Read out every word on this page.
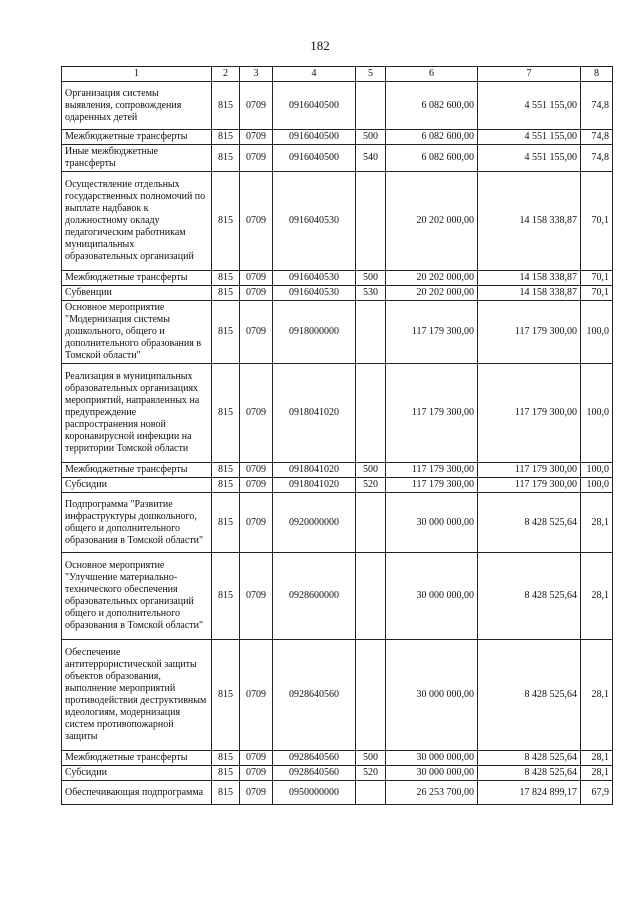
182
1	2	3	4	5	6	7	8
Организация системы выявления, сопровождения одаренных детей	815	0709	0916040500		6 082 600,00	4 551 155,00	74,8
Межбюджетные трансферты	815	0709	0916040500	500	6 082 600,00	4 551 155,00	74,8
Иные межбюджетные трансферты	815	0709	0916040500	540	6 082 600,00	4 551 155,00	74,8
Осуществление отдельных государственных полномочий по выплате надбавок к должностному окладу педагогическим работникам муниципальных образовательных организаций	815	0709	0916040530		20 202 000,00	14 158 338,87	70,1
Межбюджетные трансферты	815	0709	0916040530	500	20 202 000,00	14 158 338,87	70,1
Субвенции	815	0709	0916040530	530	20 202 000,00	14 158 338,87	70,1
Основное мероприятие "Модернизация системы дошкольного, общего и дополнительного образования в Томской области"	815	0709	0918000000		117 179 300,00	117 179 300,00	100,0
Реализация в муниципальных образовательных организациях мероприятий, направленных на предупреждение распространения новой коронавирусной инфекции на территории Томской области	815	0709	0918041020		117 179 300,00	117 179 300,00	100,0
Межбюджетные трансферты	815	0709	0918041020	500	117 179 300,00	117 179 300,00	100,0
Субсидии	815	0709	0918041020	520	117 179 300,00	117 179 300,00	100,0
Подпрограмма "Развитие инфраструктуры дошкольного, общего и дополнительного образования в Томской области"	815	0709	0920000000		30 000 000,00	8 428 525,64	28,1
Основное мероприятие "Улучшение материально-технического обеспечения образовательных организаций общего и дополнительного образования в Томской области"	815	0709	0928600000		30 000 000,00	8 428 525,64	28,1
Обеспечение антитеррористической защиты объектов образования, выполнение мероприятий противодействия деструктивным идеологиям, модернизация систем противопожарной защиты	815	0709	0928640560		30 000 000,00	8 428 525,64	28,1
Межбюджетные трансферты	815	0709	0928640560	500	30 000 000,00	8 428 525,64	28,1
Субсидии	815	0709	0928640560	520	30 000 000,00	8 428 525,64	28,1
Обеспечивающая подпрограмма	815	0709	0950000000		26 253 700,00	17 824 899,17	67,9
